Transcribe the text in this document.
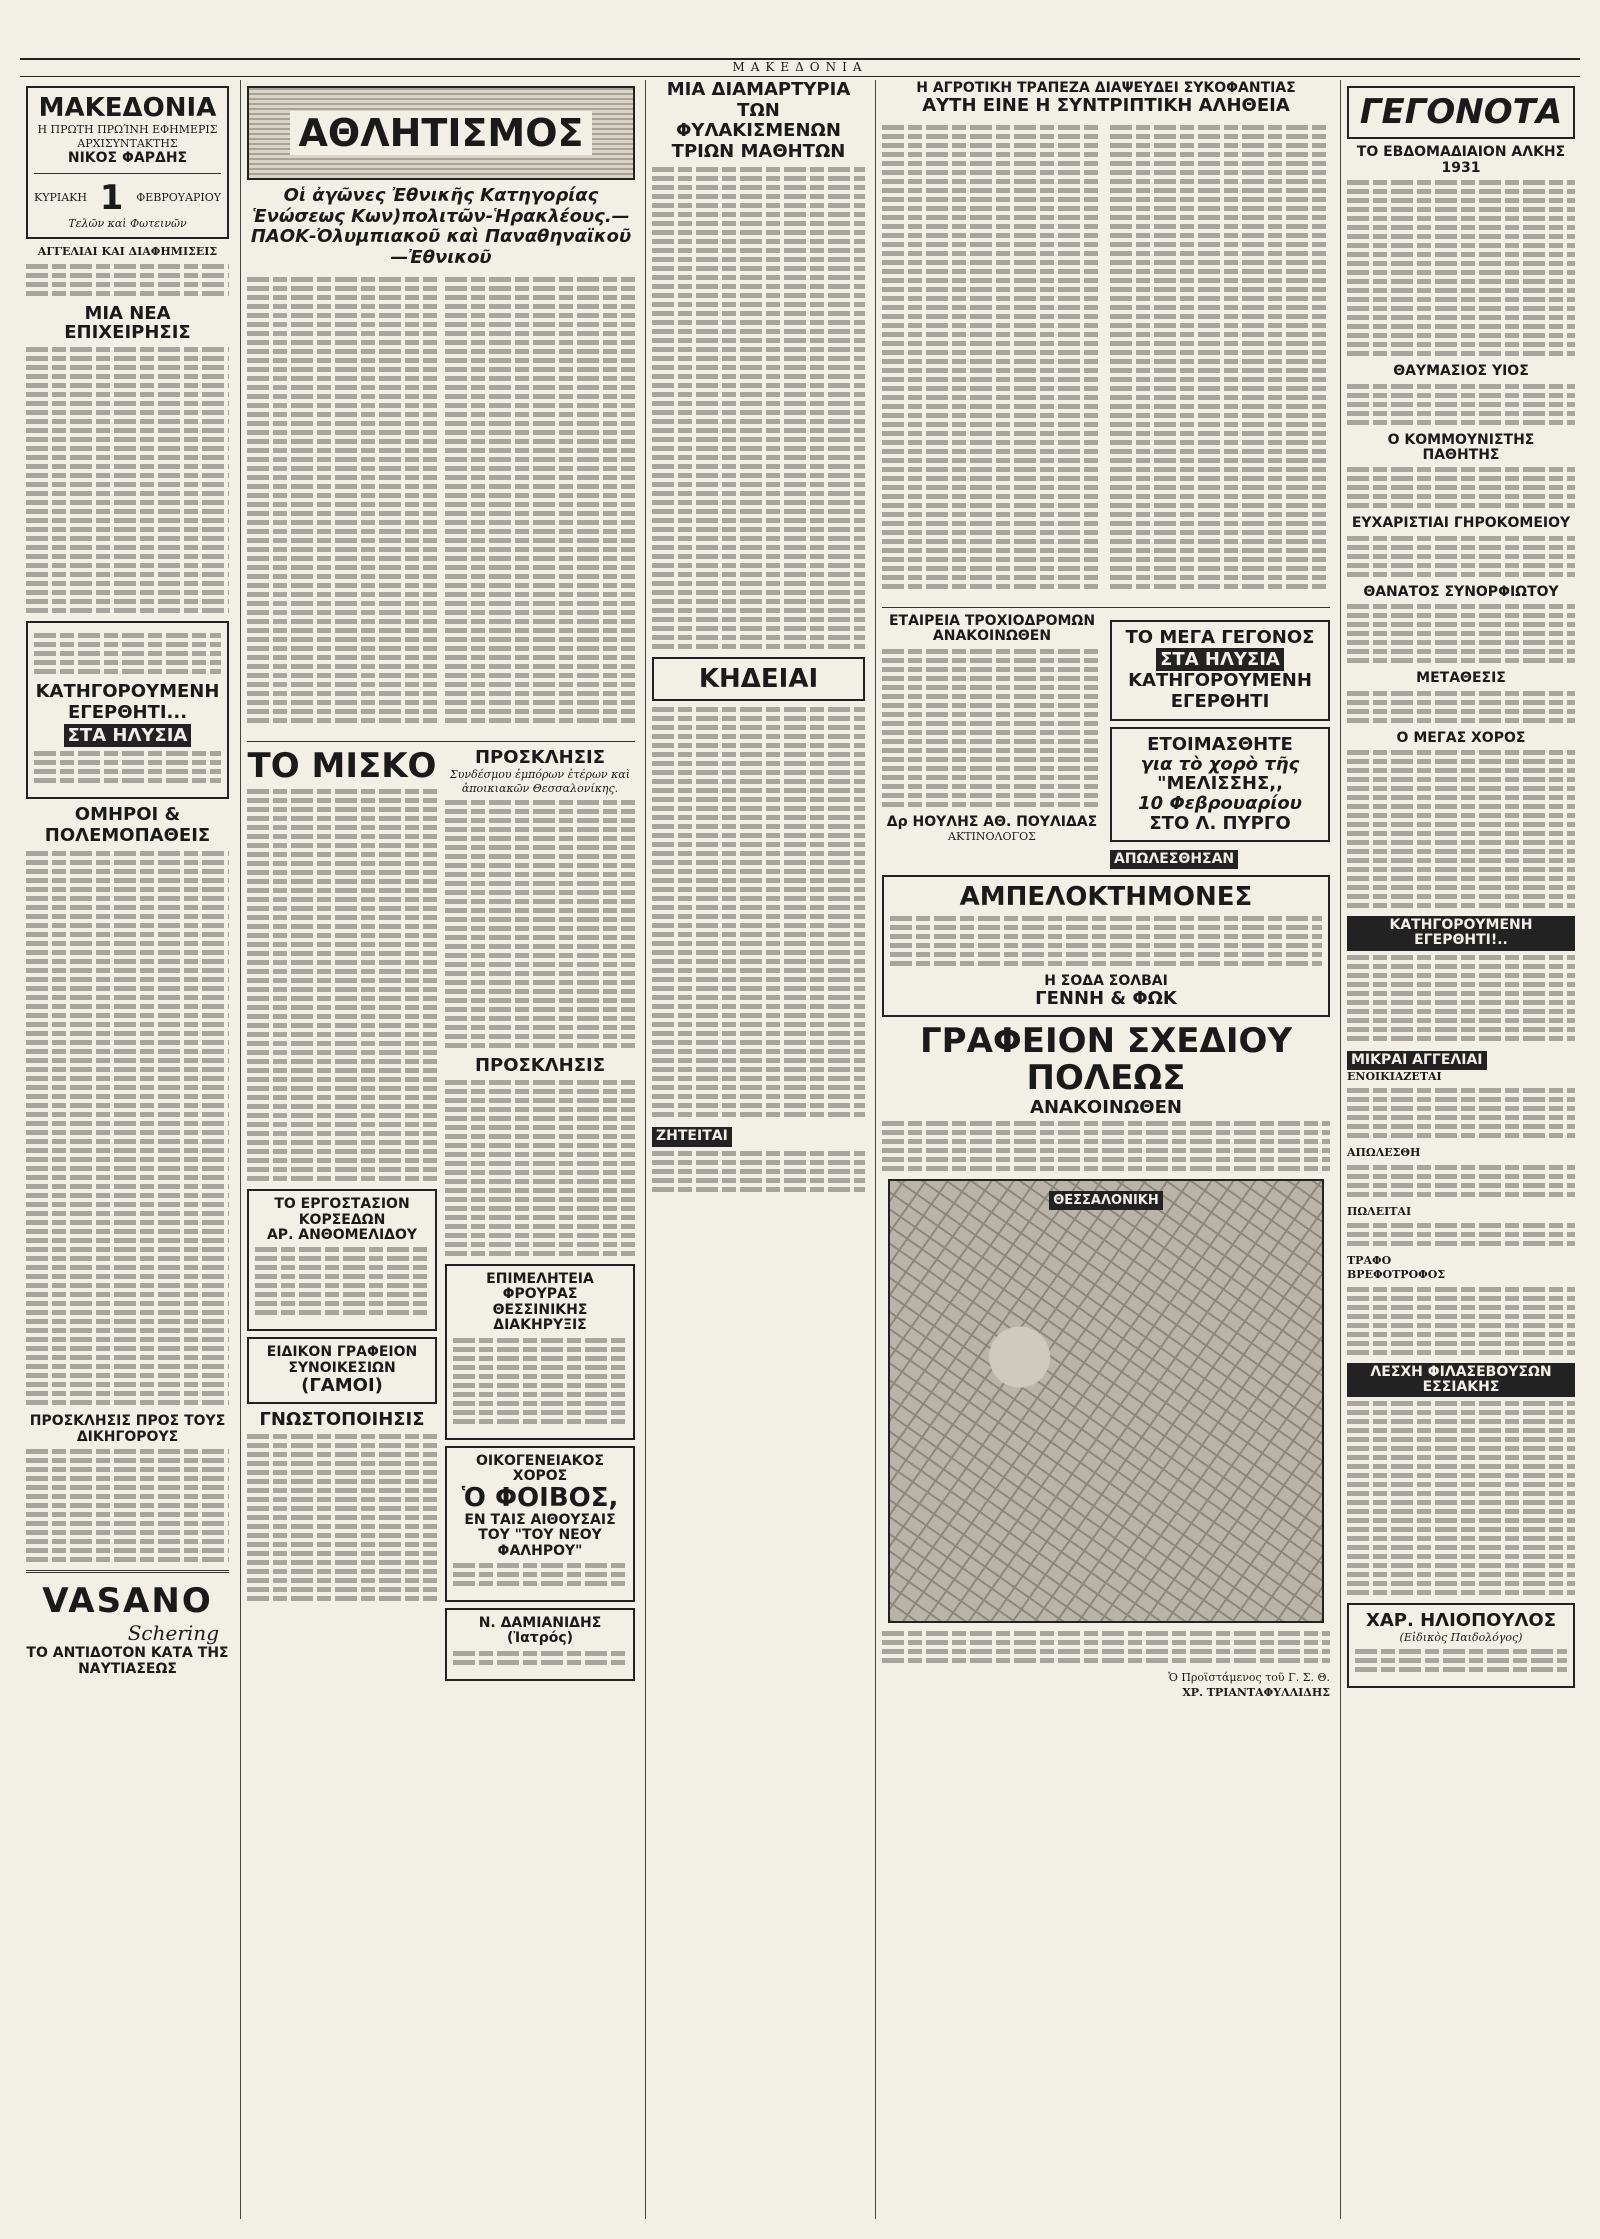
ΜΑΚΕΔΟΝΙΑ
ΜΑΚΕΔΟΝΙΑ
Η ΠΡΩΤΗ ΠΡΩΊΝΗ ΕΦΗΜΕΡΙΣ
ΑΡΧΙΣΥΝΤΑΚΤΗΣ
ΝΙΚΟΣ ΦΑΡΔΗΣ
ΚΥΡΙΑΚΗ 1 ΦΕΒΡΟΥΑΡΙΟΥ
Τελῶν καὶ Φωτεινῶν
ΑΓΓΕΛΙΑΙ ΚΑΙ ΔΙΑΦΗΜΙΣΕΙΣ
ΜΙΑ ΝΕΑ ΕΠΙΧΕΙΡΗΣΙΣ
ΚΑΤΗΓΟΡΟΥΜΕΝΗ ΕΓΕΡΘΗΤΙ...
ΣΤΑ ΗΛΥΣΙΑ
ΟΜΗΡΟΙ & ΠΟΛΕΜΟΠΑΘΕΙΣ
ΠΡΟΣΚΛΗΣΙΣ ΠΡΟΣ ΤΟΥΣ ΔΙΚΗΓΟΡΟΥΣ
VASANO
Schering
ΤΟ ΑΝΤΙΔΟΤΟΝ ΚΑΤΑ ΤΗΣ ΝΑΥΤΙΑΣΕΩΣ
ΑΘΛΗΤΙΣΜΟΣ
Οἱ ἀγῶνες Ἐθνικῆς Κατηγορίας Ἑνώσεως Κων)πολιτῶν-Ἡρακλέους.—ΠΑΟΚ-Ὀλυμπιακοῦ καὶ Παναθηναϊκοῦ—Ἐθνικοῦ
ΤΟ ΜΙΣΚΟ
ΤΟ ΕΡΓΟΣΤΑΣΙΟΝ ΚΟΡΣΕΔΩΝ
ΑΡ. ΑΝΘΟΜΕΛΙΔΟΥ
ΕΙΔΙΚΟΝ ΓΡΑΦΕΙΟΝ ΣΥΝΟΙΚΕΣΙΩΝ
(ΓΑΜΟΙ)
ΓΝΩΣΤΟΠΟΙΗΣΙΣ
ΠΡΟΣΚΛΗΣΙΣ
Συνδέσμου ἐμπόρων ἑτέρων καὶ ἀποικιακῶν Θεσσαλονίκης.
ΠΡΟΣΚΛΗΣΙΣ
ΕΠΙΜΕΛΗΤΕΙΑ ΦΡΟΥΡΑΣ ΘΕΣΣΙΝΙΚΗΣ ΔΙΑΚΗΡΥΞΙΣ
ΟΙΚΟΓΕΝΕΙΑΚΟΣ ΧΟΡΟΣ
Ὁ ΦΟΙΒΟΣ,
ΕΝ ΤΑΙΣ ΑΙΘΟΥΣΑΙΣ ΤΟΥ "ΤΟΥ ΝΕΟΥ ΦΑΛΗΡΟΥ"
Ν. ΔΑΜΙΑΝΙΔΗΣ (Ἰατρός)
ΜΙΑ ΔΙΑΜΑΡΤΥΡΙΑ ΤΩΝ ΦΥΛΑΚΙΣΜΕΝΩΝ ΤΡΙΩΝ ΜΑΘΗΤΩΝ
ΚΗΔΕΙΑΙ
ΖΗΤΕΙΤΑΙ
Η ΑΓΡΟΤΙΚΗ ΤΡΑΠΕΖΑ ΔΙΑΨΕΥΔΕΙ ΣΥΚΟΦΑΝΤΙΑΣ
ΑΥΤΗ ΕΙΝΕ Η ΣΥΝΤΡΙΠΤΙΚΗ ΑΛΗΘΕΙΑ
ΕΤΑΙΡΕΙΑ ΤΡΟΧΙΟΔΡΟΜΩΝ
ΑΝΑΚΟΙΝΩΘΕΝ
Δρ ΗΟΥΛΗΣ ΑΘ. ΠΟΥΛΙΔΑΣ
ΑΚΤΙΝΟΛΟΓΟΣ
ΤΟ ΜΕΓΑ ΓΕΓΟΝΟΣ
ΣΤΑ ΗΛΥΣΙΑ
ΚΑΤΗΓΟΡΟΥΜΕΝΗ ΕΓΕΡΘΗΤΙ
ΕΤΟΙΜΑΣΘΗΤΕ
για τὸ χορὸ τῆς
"ΜΕΛΙΣΣΗΣ,,
10 Φεβρουαρίου
ΣΤΟ Λ. ΠΥΡΓΟ
ΑΠΩΛΕΣΘΗΣΑΝ
ΑΜΠΕΛΟΚΤΗΜΟΝΕΣ
Η ΣΟΔΑ ΣΟΛΒΑΙ
ΓΕΝΝΗ & ΦΩΚ
ΓΡΑΦΕΙΟΝ ΣΧΕΔΙΟΥ ΠΟΛΕΩΣ
ΑΝΑΚΟΙΝΩΘΕΝ
ΘΕΣΣΑΛΟΝΙΚΗ
Ὁ Προϊστάμενος τοῦ Γ. Σ. Θ.
ΧΡ. ΤΡΙΑΝΤΑΦΥΛΛΙΔΗΣ
ΓΕΓΟΝΟΤΑ
ΤΟ ΕΒΔΟΜΑΔΙΑΙΟΝ ΑΛΚΗΣ 1931
ΘΑΥΜΑΣΙΟΣ ΥΙΟΣ
Ο ΚΟΜΜΟΥΝΙΣΤΗΣ ΠΑΘΗΤΗΣ
ΕΥΧΑΡΙΣΤΙΑΙ ΓΗΡΟΚΟΜΕΙΟΥ
ΘΑΝΑΤΟΣ ΣΥΝΟΡΦΙΩΤΟΥ
ΜΕΤΑΘΕΣΙΣ
Ο ΜΕΓΑΣ ΧΟΡΟΣ
ΚΑΤΗΓΟΡΟΥΜΕΝΗ ΕΓΕΡΘΗΤΙ!..
ΜΙΚΡΑΙ ΑΓΓΕΛΙΑΙ
ΕΝΟΙΚΙΑΖΕΤΑΙ
ΑΠΩΛΕΣΘΗ
ΠΩΛΕΙΤΑΙ
ΤΡΑΦΟ
ΒΡΕΦΟΤΡΟΦΟΣ
ΛΕΣΧΗ ΦΙΛΑΣΕΒΟΥΣΩΝ ΕΣΣΙΑΚΗΣ
ΧΑΡ. ΗΛΙΟΠΟΥΛΟΣ
(Εἰδικὸς Παιδολόγος)
